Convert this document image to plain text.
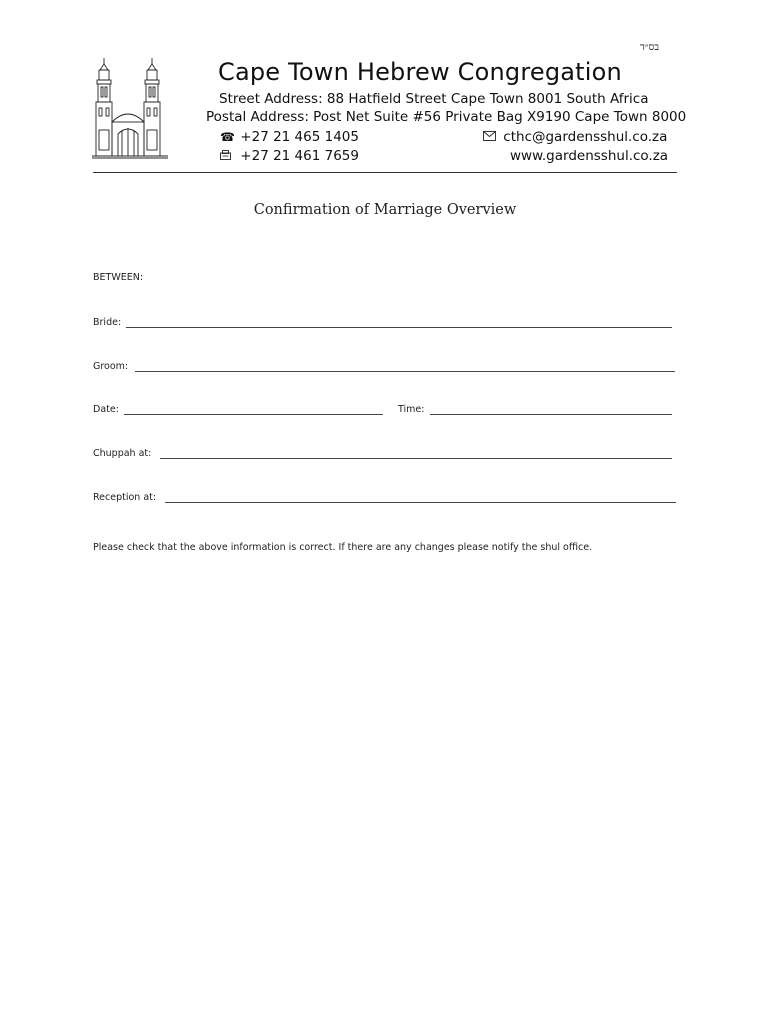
בס״ד
Cape Town Hebrew Congregation
Street Address: 88 Hatfield Street Cape Town 8001 South Africa
Postal Address: Post Net Suite #56 Private Bag X9190 Cape Town 8000
☎ +27 21 465 1405
+27 21 461 7659
cthc@gardensshul.co.za
www.gardensshul.co.za
Confirmation of Marriage Overview
BETWEEN:
Bride:
Groom:
Date:	Time:
Chuppah at:
Reception at:
Please check that the above information is correct. If there are any changes please notify the shul office.
